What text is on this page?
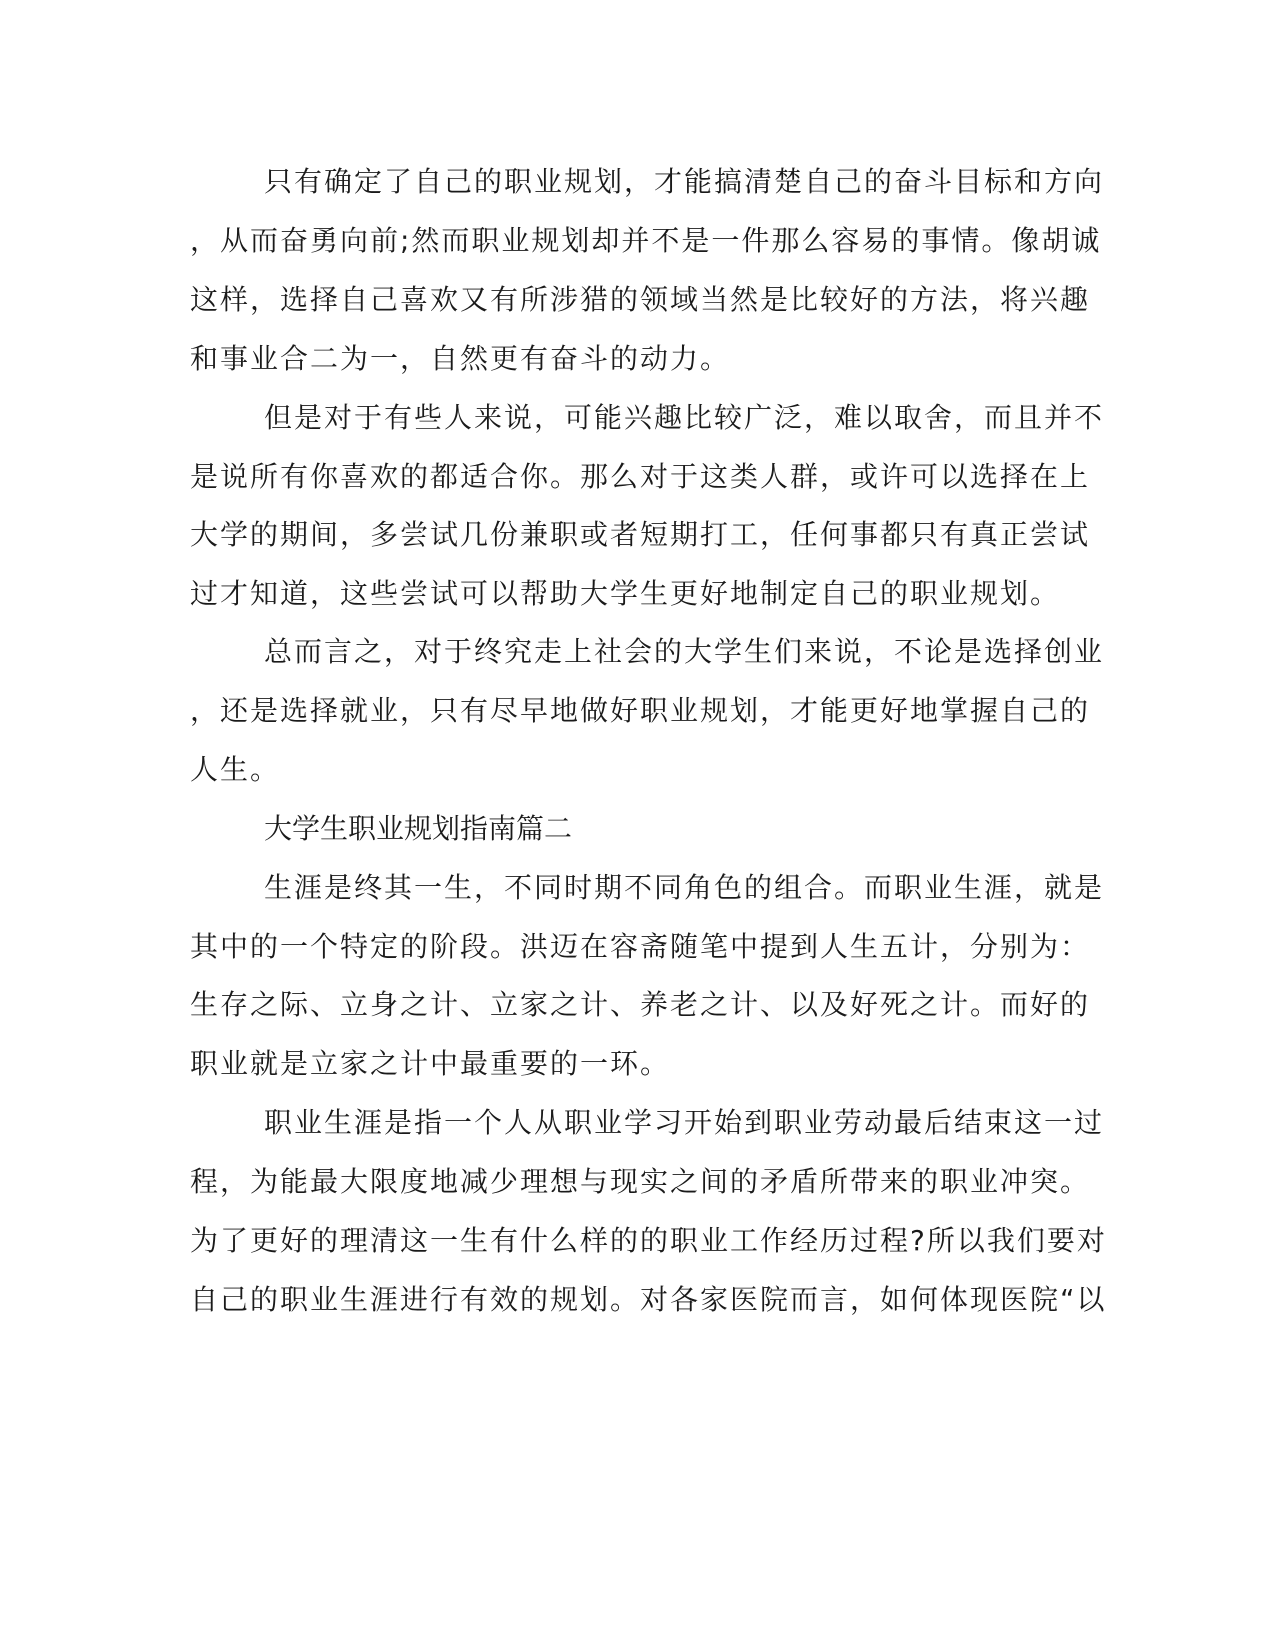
只有确定了自己的职业规划，才能搞清楚自己的奋斗目标和方向
，从而奋勇向前;然而职业规划却并不是一件那么容易的事情。像胡诚
这样，选择自己喜欢又有所涉猎的领域当然是比较好的方法，将兴趣
和事业合二为一，自然更有奋斗的动力。
但是对于有些人来说，可能兴趣比较广泛，难以取舍，而且并不
是说所有你喜欢的都适合你。那么对于这类人群，或许可以选择在上
大学的期间，多尝试几份兼职或者短期打工，任何事都只有真正尝试
过才知道，这些尝试可以帮助大学生更好地制定自己的职业规划。
总而言之，对于终究走上社会的大学生们来说，不论是选择创业
，还是选择就业，只有尽早地做好职业规划，才能更好地掌握自己的
人生。
大学生职业规划指南篇二
生涯是终其一生，不同时期不同角色的组合。而职业生涯，就是
其中的一个特定的阶段。洪迈在容斋随笔中提到人生五计，分别为：
生存之际、立身之计、立家之计、养老之计、以及好死之计。而好的
职业就是立家之计中最重要的一环。
职业生涯是指一个人从职业学习开始到职业劳动最后结束这一过
程，为能最大限度地减少理想与现实之间的矛盾所带来的职业冲突。
为了更好的理清这一生有什么样的的职业工作经历过程?所以我们要对
自己的职业生涯进行有效的规划。对各家医院而言，如何体现医院“以
